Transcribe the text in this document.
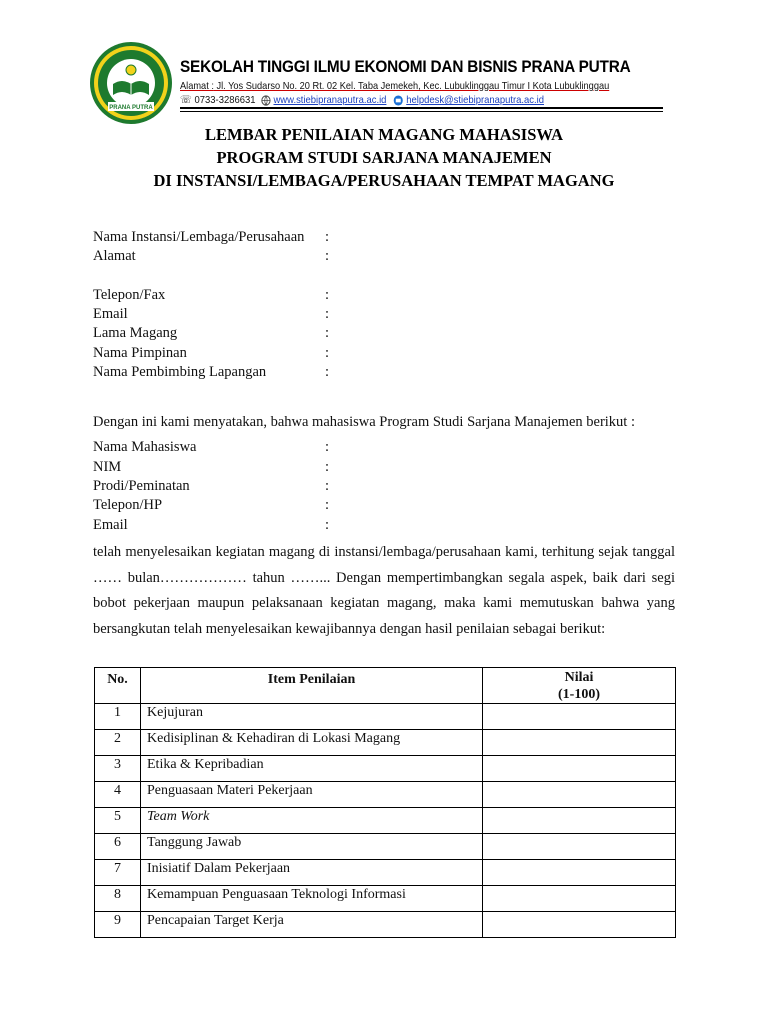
PRANA PUTRA
SEKOLAH TINGGI ILMU EKONOMI DAN BISNIS PRANA PUTRA
Alamat : Jl. Yos Sudarso No. 20 Rt. 02 Kel. Taba Jemekeh, Kec. Lubuklinggau Timur I Kota Lubuklinggau
☏ 0733-3286631 www.stiebipranaputra.ac.id helpdesk@stiebipranaputra.ac.id
LEMBAR PENILAIAN MAGANG MAHASISWA
PROGRAM STUDI SARJANA MANAJEMEN
DI INSTANSI/LEMBAGA/PERUSAHAAN TEMPAT MAGANG
Nama Instansi/Lembaga/Perusahaan :
Alamat	:
Telepon/Fax	:
Email	:
Lama Magang	:
Nama Pimpinan	:
Nama Pembimbing Lapangan	:
Dengan ini kami menyatakan, bahwa mahasiswa Program Studi Sarjana Manajemen berikut :
Nama Mahasiswa	:
NIM	:
Prodi/Peminatan	:
Telepon/HP	:
Email	:
telah menyelesaikan kegiatan magang di instansi/lembaga/perusahaan kami, terhitung sejak tanggal …… bulan……………… tahun ……... Dengan mempertimbangkan segala aspek, baik dari segi bobot pekerjaan maupun pelaksanaan kegiatan magang, maka kami memutuskan bahwa yang bersangkutan telah menyelesaikan kewajibannya dengan hasil penilaian sebagai berikut:
No.	Item Penilaian	Nilai
(1-100)
1	Kejujuran	
2	Kedisiplinan & Kehadiran di Lokasi Magang	
3	Etika & Kepribadian	
4	Penguasaan Materi Pekerjaan	
5	Team Work	
6	Tanggung Jawab	
7	Inisiatif Dalam Pekerjaan	
8	Kemampuan Penguasaan Teknologi Informasi	
9	Pencapaian Target Kerja	
